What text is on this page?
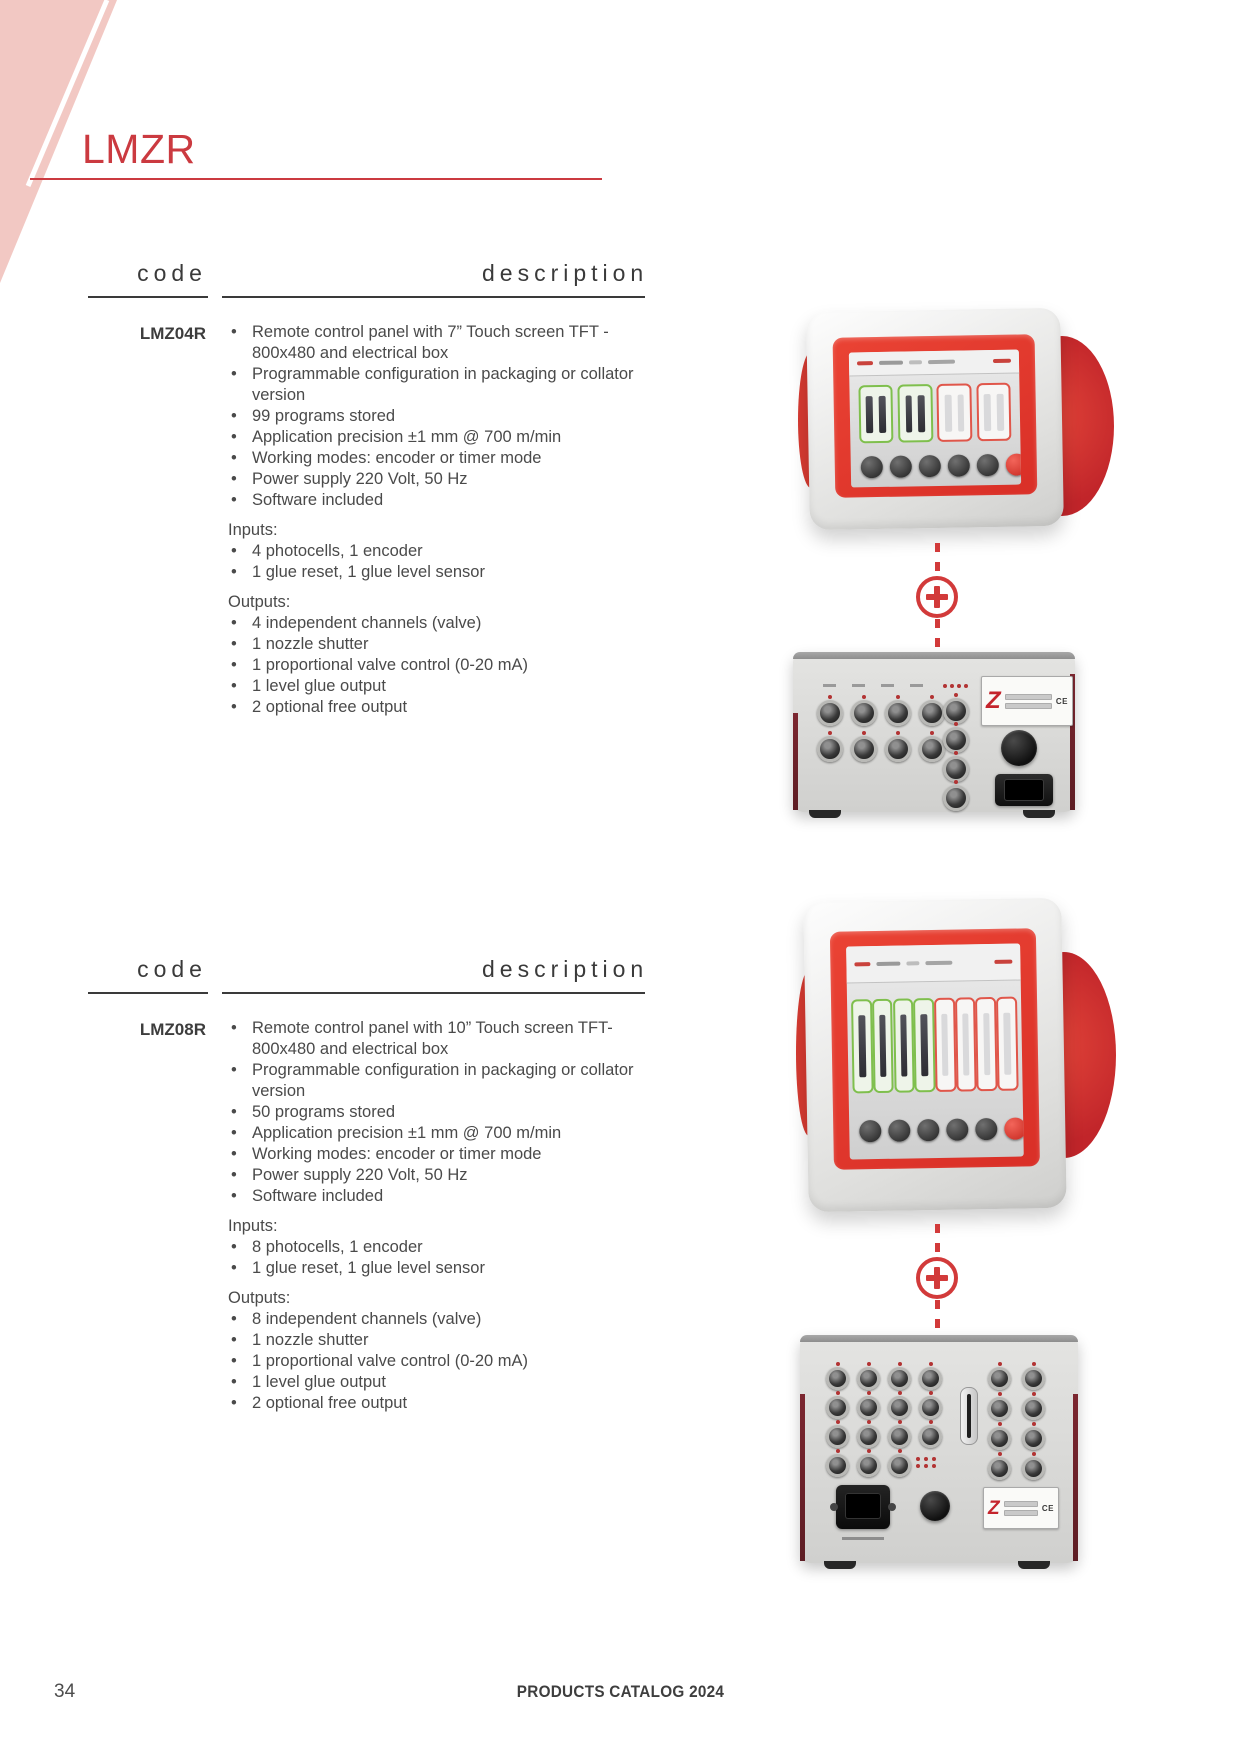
LMZR
code	description
LMZ04R	• Remote control panel with 7” Touch screen TFT - 800x480 and electrical box
• Programmable configuration in packaging or collator version
• 99 programs stored
• Application precision ±1 mm @ 700 m/min
• Working modes: encoder or timer mode
• Power supply 220 Volt, 50 Hz
• Software included
Inputs:
• 4 photocells, 1 encoder
• 1 glue reset, 1 glue level sensor
Outputs:
• 4 independent channels (valve)
• 1 nozzle shutter
• 1 proportional valve control (0-20 mA)
• 1 level glue output
• 2 optional free output	Z	CE
code	description
LMZ08R	• Remote control panel with 10” Touch screen TFT- 800x480 and electrical box
• Programmable configuration in packaging or collator version
• 50 programs stored
• Application precision ±1 mm @ 700 m/min
• Working modes: encoder or timer mode
• Power supply 220 Volt, 50 Hz
• Software included
Inputs:
• 8 photocells, 1 encoder
• 1 glue reset, 1 glue level sensor
Outputs:
• 8 independent channels (valve)
• 1 nozzle shutter
• 1 proportional valve control (0-20 mA)
• 1 level glue output
• 2 optional free output
Z	CE
34	PRODUCTS CATALOG 2024
